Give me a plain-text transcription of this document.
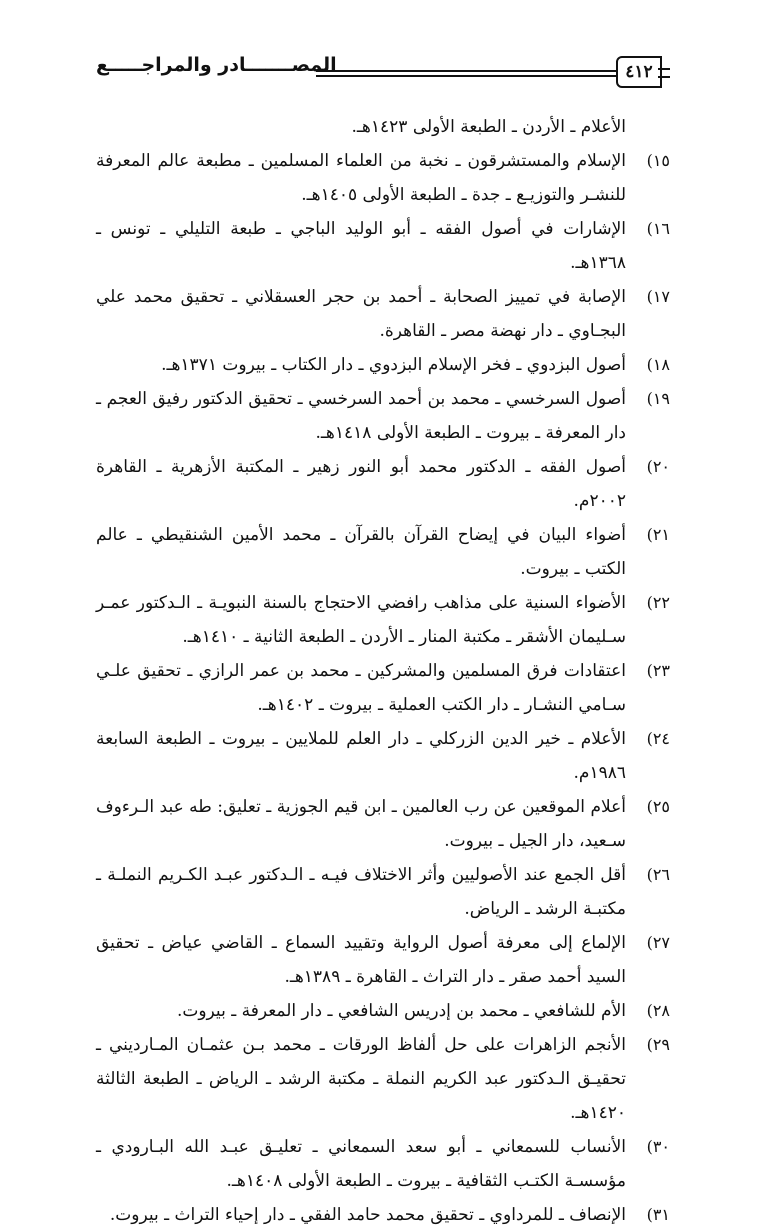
المصـــــــادر والمراجـــــع	٤١٢
الأعلام ـ الأردن ـ الطبعة الأولى ١٤٢٣هـ.
١٥)
الإسلام والمستشرقون ـ نخبة من العلماء المسلمين ـ مطبعة عالم المعرفة للنشـر والتوزيـع ـ جدة ـ الطبعة الأولى ١٤٠٥هـ.
١٦)
الإشارات في أصول الفقه ـ أبو الوليد الباجي ـ طبعة التليلي ـ تونس ـ ١٣٦٨هـ.
١٧)
الإصابة في تمييز الصحابة ـ أحمد بن حجر العسقلاني ـ تحقيق محمد علي البجـاوي ـ دار نهضة مصر ـ القاهرة.
١٨)
أصول البزدوي ـ فخر الإسلام البزدوي ـ دار الكتاب ـ بيروت ١٣٧١هـ.
١٩)
أصول السرخسي ـ محمد بن أحمد السرخسي ـ تحقيق الدكتور رفيق العجم ـ دار المعرفة ـ بيروت ـ الطبعة الأولى ١٤١٨هـ.
٢٠)
أصول الفقه ـ الدكتور محمد أبو النور زهير ـ المكتبة الأزهرية ـ القاهرة ٢٠٠٢م.
٢١)
أضواء البيان في إيضاح القرآن بالقرآن ـ محمد الأمين الشنقيطي ـ عالم الكتب ـ بيروت.
٢٢)
الأضواء السنية على مذاهب رافضي الاحتجاج بالسنة النبويـة ـ الـدكتور عمـر سـليمان الأشقر ـ مكتبة المنار ـ الأردن ـ الطبعة الثانية ـ ١٤١٠هـ.
٢٣)
اعتقادات فرق المسلمين والمشركين ـ محمد بن عمر الرازي ـ تحقيق علـي سـامي النشـار ـ دار الكتب العملية ـ بيروت ـ ١٤٠٢هـ.
٢٤)
الأعلام ـ خير الدين الزركلي ـ دار العلم للملايين ـ بيروت ـ الطبعة السابعة ١٩٨٦م.
٢٥)
أعلام الموقعين عن رب العالمين ـ ابن قيم الجوزية ـ تعليق: طه عبد الـرءوف سـعيد، دار الجيل ـ بيروت.
٢٦)
أقل الجمع عند الأصوليين وأثر الاختلاف فيـه ـ الـدكتور عبـد الكـريم النملـة ـ مكتبـة الرشد ـ الرياض.
٢٧)
الإلماع إلى معرفة أصول الرواية وتقييد السماع ـ القاضي عياض ـ تحقيق السيد أحمد صقر ـ دار التراث ـ القاهرة ـ ١٣٨٩هـ.
٢٨)
الأم للشافعي ـ محمد بن إدريس الشافعي ـ دار المعرفة ـ بيروت.
٢٩)
الأنجم الزاهرات على حل ألفاظ الورقات ـ محمد بـن عثمـان المـارديني ـ تحقيـق الـدكتور عبد الكريم النملة ـ مكتبة الرشد ـ الرياض ـ الطبعة الثالثة ١٤٢٠هـ.
٣٠)
الأنساب للسمعاني ـ أبو سعد السمعاني ـ تعليـق عبـد الله البـارودي ـ مؤسسـة الكتـب الثقافية ـ بيروت ـ الطبعة الأولى ١٤٠٨هـ.
٣١)
الإنصاف ـ للمرداوي ـ تحقيق محمد حامد الفقي ـ دار إحياء التراث ـ بيروت.
